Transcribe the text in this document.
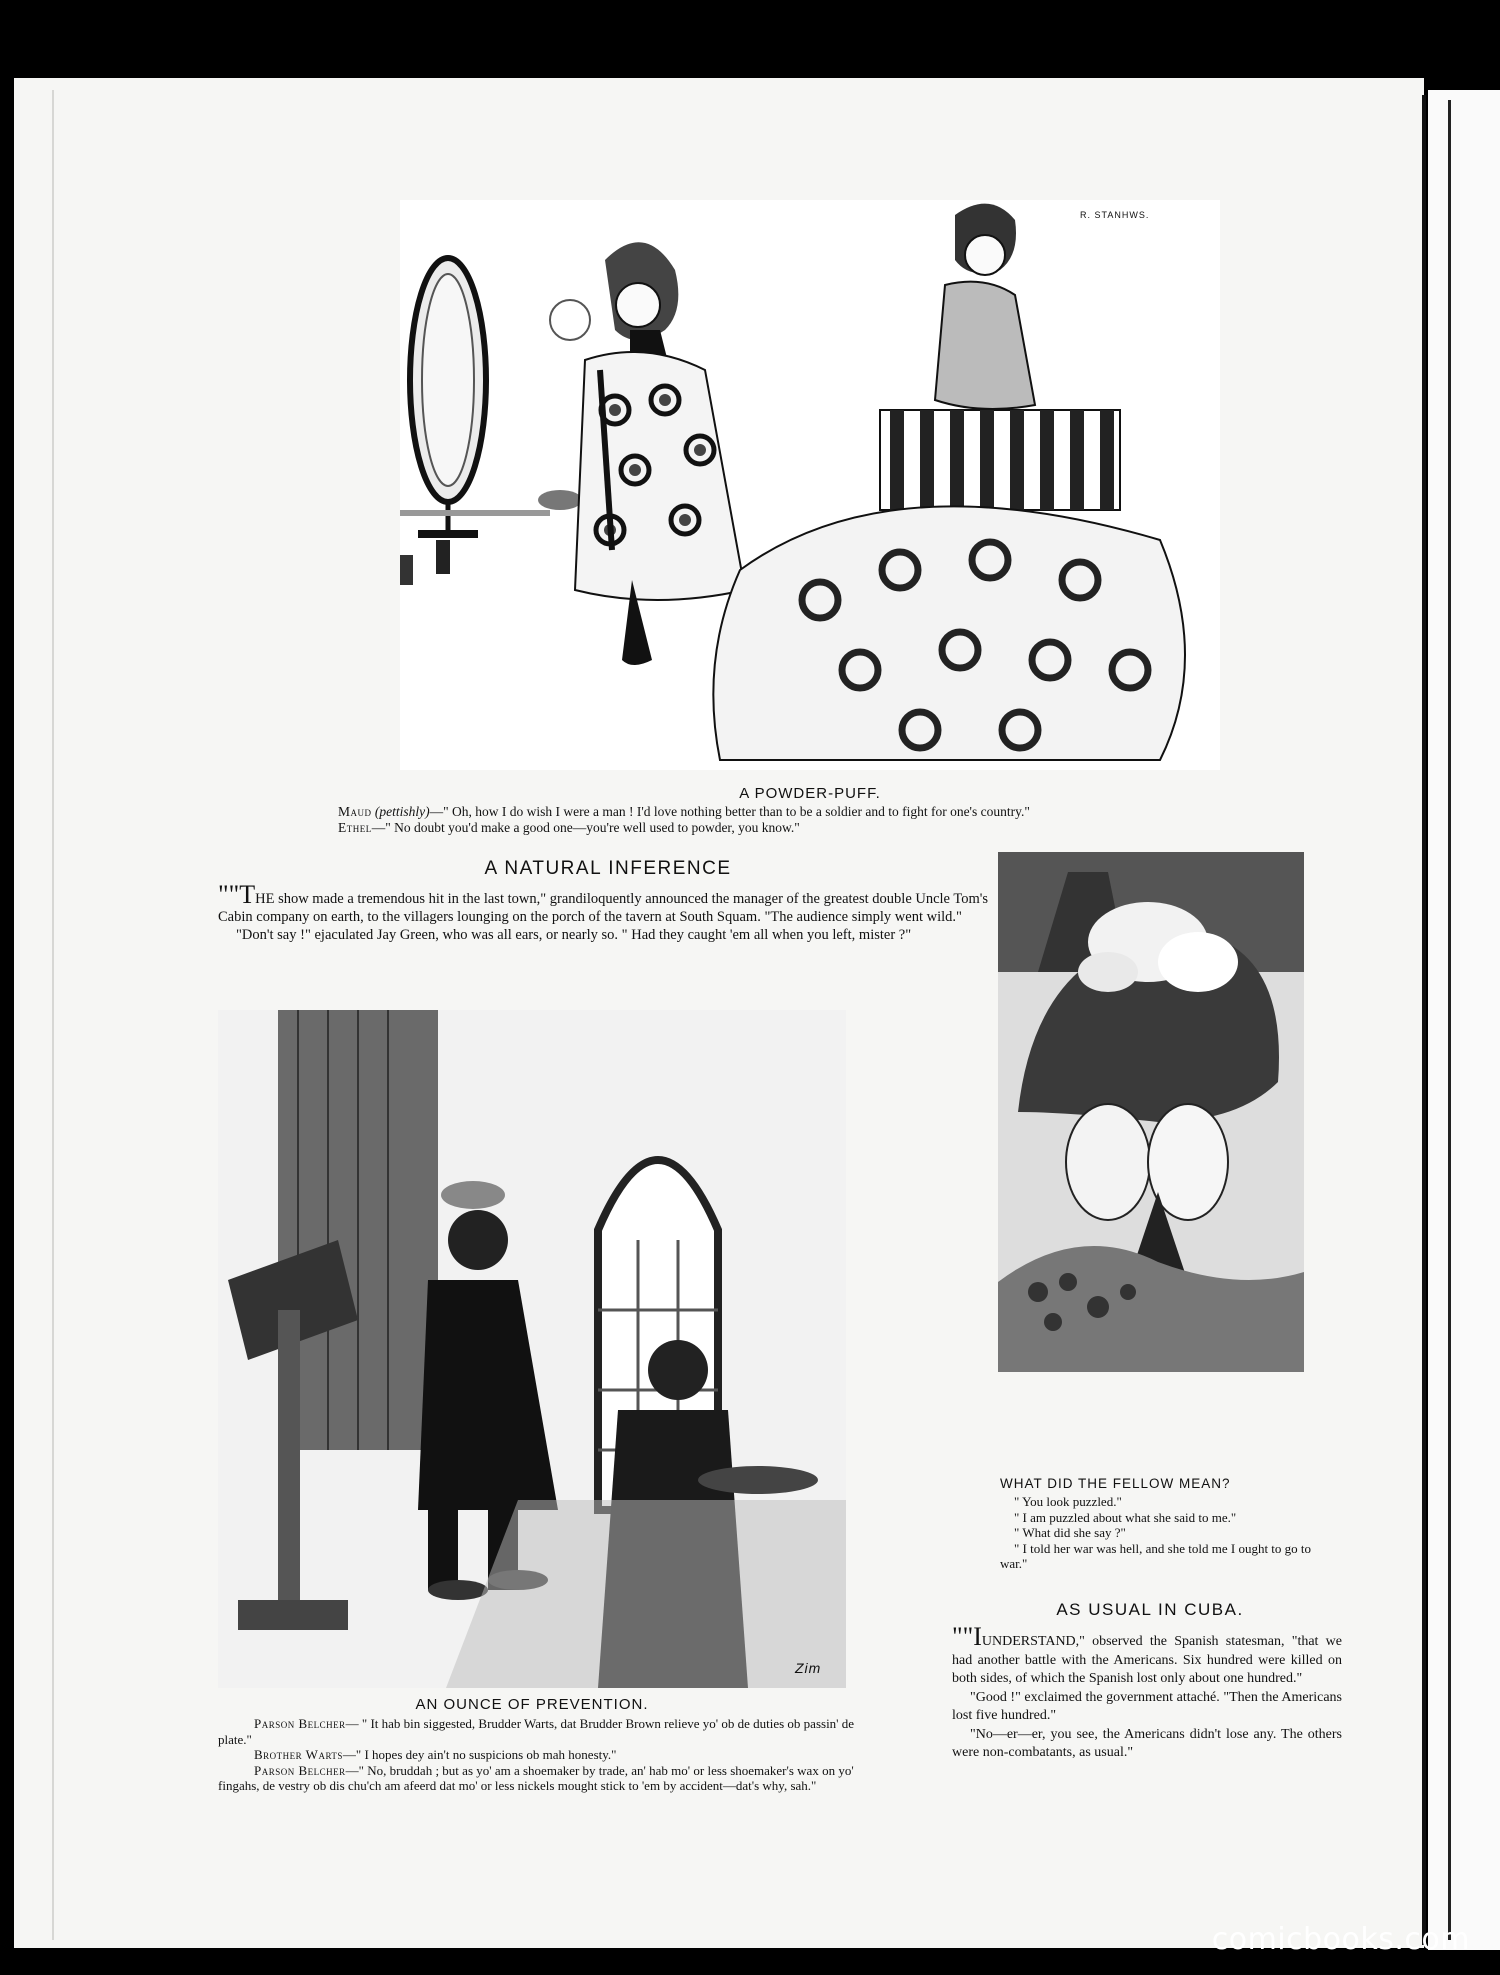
R. STANHWS.
A POWDER-PUFF.

Maud (pettishly)—" Oh, how I do wish I were a man ! I'd love nothing better than to be a soldier and to fight for one's country."

Ethel—" No doubt you'd make a good one—you're well used to powder, you know."

A NATURAL INFERENCE

""THE show made a tremendous hit in the last town," grandiloquently announced the manager of the greatest double Uncle Tom's Cabin company on earth, to the villagers lounging on the porch of the tavern at South Squam. "The audience simply went wild."

"Don't say !" ejaculated Jay Green, who was all ears, or nearly so. " Had they caught 'em all when you left, mister ?"

Zim
AN OUNCE OF PREVENTION.

Parson Belcher— " It hab bin siggested, Brudder Warts, dat Brudder Brown relieve yo' ob de duties ob passin' de plate."

Brother Warts—" I hopes dey ain't no suspicions ob mah honesty."

Parson Belcher—" No, bruddah ; but as yo' am a shoemaker by trade, an' hab mo' or less shoemaker's wax on yo' fingahs, de vestry ob dis chu'ch am afeerd dat mo' or less nickels mought stick to 'em by accident—dat's why, sah."

WHAT DID THE FELLOW MEAN?

" You look puzzled."

" I am puzzled about what she said to me."

" What did she say ?"

" I told her war was hell, and she told me I ought to go to war."

AS USUAL IN CUBA.

""IUNDERSTAND," observed the Spanish statesman, "that we had another battle with the Americans. Six hundred were killed on both sides, of which the Spanish lost only about one hundred."

"Good !" exclaimed the government attaché. "Then the Americans lost five hundred."

"No—er—er, you see, the Americans didn't lose any. The others were non-combatants, as usual."

comicbooks.com
